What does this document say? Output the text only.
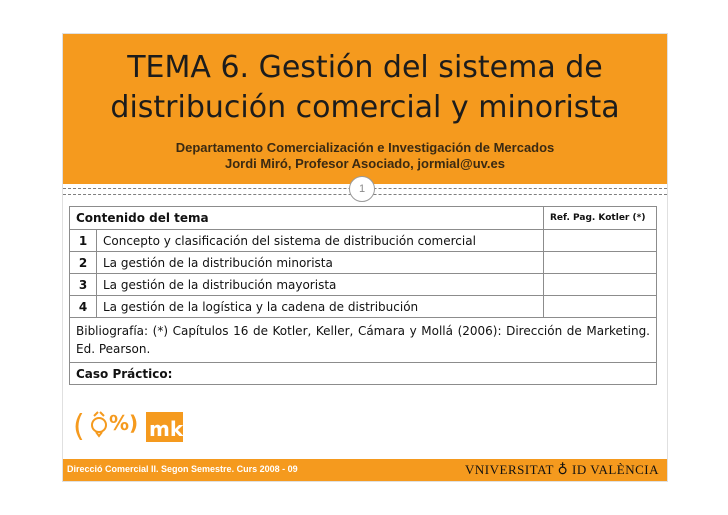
TEMA 6. Gestión del sistema de
distribución comercial y minorista
Departamento Comercialización e Investigación de Mercados
Jordi Miró, Profesor Asociado, jormial@uv.es
1
Contenido del tema		Ref. Pag. Kotler (*)
1	Concepto y clasificación del sistema de distribución comercial	
2	La gestión de la distribución minorista	
3	La gestión de la distribución mayorista	
4	La gestión de la logística y la cadena de distribución	
Bibliografía: (*) Capítulos 16 de Kotler, Keller, Cámara y Mollá (2006): Dirección de Marketing. Ed. Pearson.		
Caso Práctico:		
( %) mk
Direcció Comercial II. Segon Semestre. Curs 2008 - 09	VNIVERSITAT ♁ ID VALÈNCIA
